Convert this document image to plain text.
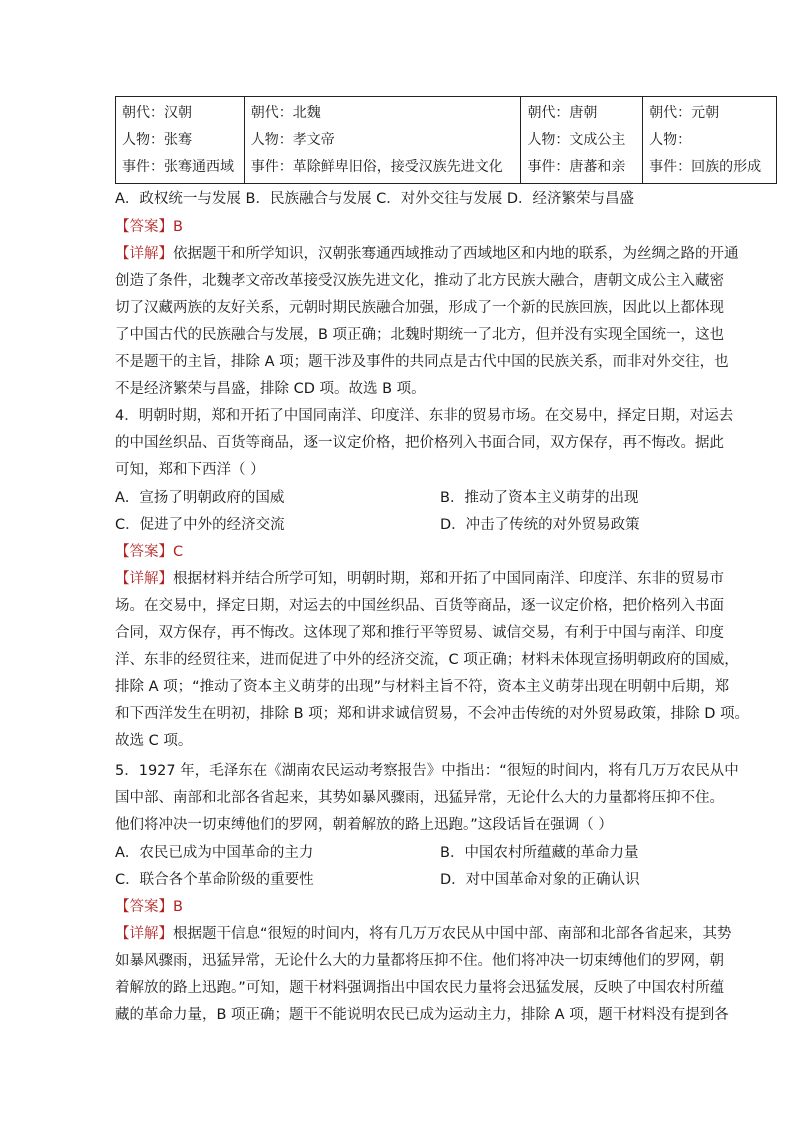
朝代：汉朝
人物：张骞
事件：张骞通西域

朝代：北魏
人物：孝文帝
事件：革除鲜卑旧俗，接受汉族先进文化

朝代：唐朝
人物：文成公主
事件：唐蕃和亲

朝代：元朝
人物：
事件：回族的形成
A．政权统一与发展 B．民族融合与发展 C．对外交往与发展 D．经济繁荣与昌盛
【答案】B
【详解】依据题干和所学知识，汉朝张骞通西域推动了西域地区和内地的联系，为丝绸之路的开通
创造了条件，北魏孝文帝改革接受汉族先进文化，推动了北方民族大融合，唐朝文成公主入藏密
切了汉藏两族的友好关系，元朝时期民族融合加强，形成了一个新的民族回族，因此以上都体现
了中国古代的民族融合与发展，B 项正确；北魏时期统一了北方，但并没有实现全国统一，这也
不是题干的主旨，排除 A 项；题干涉及事件的共同点是古代中国的民族关系，而非对外交往，也
不是经济繁荣与昌盛，排除 CD 项。故选 B 项。
4．明朝时期，郑和开拓了中国同南洋、印度洋、东非的贸易市场。在交易中，择定日期，对运去
的中国丝织品、百货等商品，逐一议定价格，把价格列入书面合同，双方保存，再不悔改。据此
可知，郑和下西洋（ ）
A．宣扬了明朝政府的国威	B．推动了资本主义萌芽的出现
C．促进了中外的经济交流	D．冲击了传统的对外贸易政策
【答案】C
【详解】根据材料并结合所学可知，明朝时期，郑和开拓了中国同南洋、印度洋、东非的贸易市
场。在交易中，择定日期，对运去的中国丝织品、百货等商品，逐一议定价格，把价格列入书面
合同，双方保存，再不悔改。这体现了郑和推行平等贸易、诚信交易，有利于中国与南洋、印度
洋、东非的经贸往来，进而促进了中外的经济交流，C 项正确；材料未体现宣扬明朝政府的国威，
排除 A 项；“推动了资本主义萌芽的出现”与材料主旨不符，资本主义萌芽出现在明朝中后期，郑
和下西洋发生在明初，排除 B 项；郑和讲求诚信贸易，不会冲击传统的对外贸易政策，排除 D 项。
故选 C 项。
5．1927 年，毛泽东在《湖南农民运动考察报告》中指出：“很短的时间内，将有几万万农民从中
国中部、南部和北部各省起来，其势如暴风骤雨，迅猛异常，无论什么大的力量都将压抑不住。
他们将冲决一切束缚他们的罗网，朝着解放的路上迅跑。”这段话旨在强调（ ）
A．农民已成为中国革命的主力	B．中国农村所蕴藏的革命力量
C．联合各个革命阶级的重要性	D．对中国革命对象的正确认识
【答案】B
【详解】根据题干信息“很短的时间内，将有几万万农民从中国中部、南部和北部各省起来，其势
如暴风骤雨，迅猛异常，无论什么大的力量都将压抑不住。他们将冲决一切束缚他们的罗网，朝
着解放的路上迅跑。”可知，题干材料强调指出中国农民力量将会迅猛发展，反映了中国农村所蕴
藏的革命力量，B 项正确；题干不能说明农民已成为运动主力，排除 A 项，题干材料没有提到各
